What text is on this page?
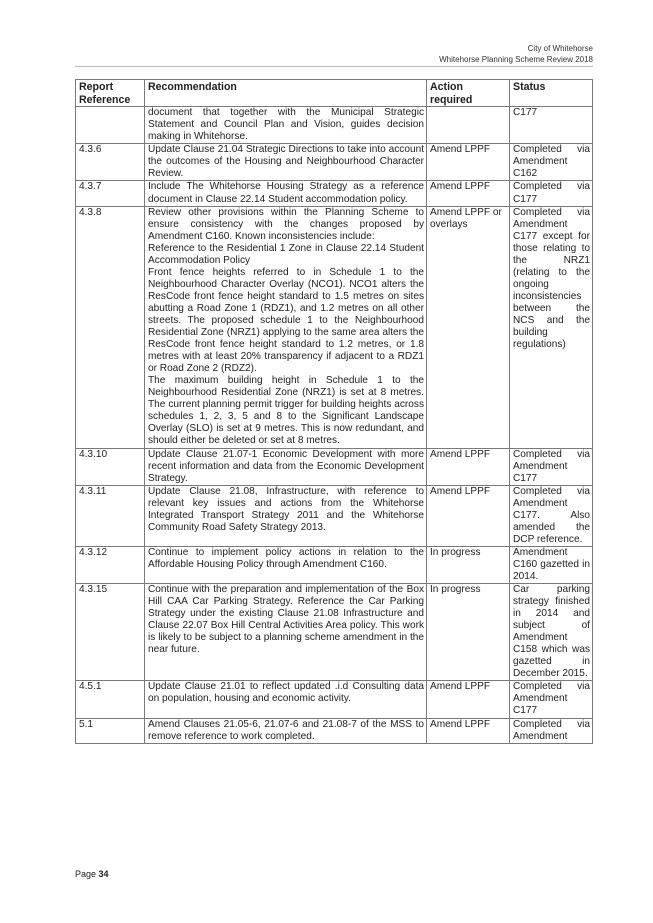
City of Whitehorse
Whitehorse Planning Scheme Review 2018
Report Reference	Recommendation	Action required	Status

	document that together with the Municipal Strategic Statement and Council Plan and Vision, guides decision making in Whitehorse.		C177
4.3.6	Update Clause 21.04 Strategic Directions to take into account the outcomes of the Housing and Neighbourhood Character Review.	Amend LPPF	Completed via Amendment C162
4.3.7	Include The Whitehorse Housing Strategy as a reference document in Clause 22.14 Student accommodation policy.	Amend LPPF	Completed via C177
4.3.8	Review other provisions within the Planning Scheme to ensure consistency with the changes proposed by Amendment C160. Known inconsistencies include:
Reference to the Residential 1 Zone in Clause 22.14 Student Accommodation Policy
Front fence heights referred to in Schedule 1 to the Neighbourhood Character Overlay (NCO1). NCO1 alters the ResCode front fence height standard to 1.5 metres on sites abutting a Road Zone 1 (RDZ1), and 1.2 metres on all other streets. The proposed schedule 1 to the Neighbourhood Residential Zone (NRZ1) applying to the same area alters the ResCode front fence height standard to 1.2 metres, or 1.8 metres with at least 20% transparency if adjacent to a RDZ1 or Road Zone 2 (RDZ2).
The maximum building height in Schedule 1 to the Neighbourhood Residential Zone (NRZ1) is set at 8 metres. The current planning permit trigger for building heights across schedules 1, 2, 3, 5 and 8 to the Significant Landscape Overlay (SLO) is set at 9 metres. This is now redundant, and should either be deleted or set at 8 metres.	Amend LPPF or overlays	Completed via Amendment C177 except for those relating to the NRZ1 (relating to the ongoing inconsistencies between the NCS and the building regulations)
4.3.10	Update Clause 21.07-1 Economic Development with more recent information and data from the Economic Development Strategy.	Amend LPPF	Completed via Amendment C177
4.3.11	Update Clause 21.08, Infrastructure, with reference to relevant key issues and actions from the Whitehorse Integrated Transport Strategy 2011 and the Whitehorse Community Road Safety Strategy 2013.	Amend LPPF	Completed via Amendment C177. Also amended the DCP reference.
4.3.12	Continue to implement policy actions in relation to the Affordable Housing Policy through Amendment C160.	In progress	Amendment C160 gazetted in 2014.
4.3.15	Continue with the preparation and implementation of the Box Hill CAA Car Parking Strategy. Reference the Car Parking Strategy under the existing Clause 21.08 Infrastructure and Clause 22.07 Box Hill Central Activities Area policy. This work is likely to be subject to a planning scheme amendment in the near future.	In progress	Car parking strategy finished in 2014 and subject of Amendment C158 which was gazetted in December 2015.
4.5.1	Update Clause 21.01 to reflect updated .i.d Consulting data on population, housing and economic activity.	Amend LPPF	Completed via Amendment C177
5.1	Amend Clauses 21.05-6, 21.07-6 and 21.08-7 of the MSS to remove reference to work completed.	Amend LPPF	Completed via Amendment
Page 34
